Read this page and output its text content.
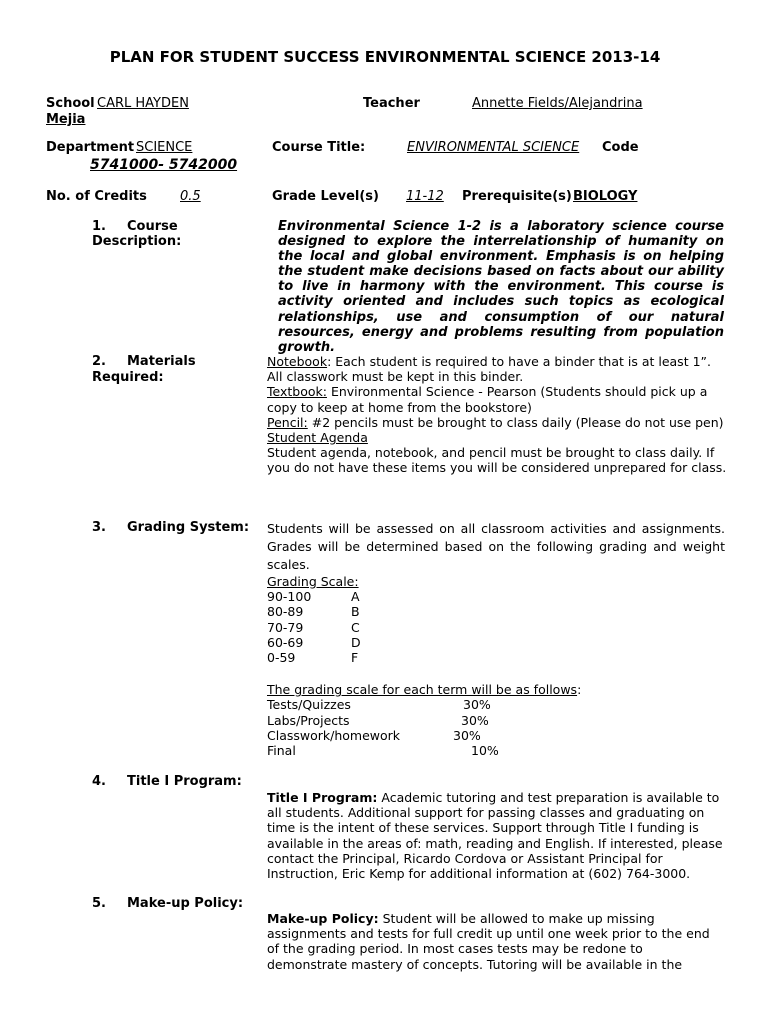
PLAN FOR STUDENT SUCCESS ENVIRONMENTAL SCIENCE 2013-14
School CARL HAYDEN	Teacher	Annette Fields/Alejandrina
Mejia
Department SCIENCE	Course Title:	ENVIRONMENTAL SCIENCE	Code
5741000- 5742000
No. of Credits	0.5	Grade Level(s)	11-12	Prerequisite(s) BIOLOGY
1. Course
Description:
Environmental Science 1-2 is a laboratory science course designed to explore the interrelationship of humanity on the local and global environment. Emphasis is on helping the student make decisions based on facts about our ability to live in harmony with the environment. This course is activity oriented and includes such topics as ecological relationships, use and consumption of our natural resources, energy and problems resulting from population growth.
2. Materials
Required:
Notebook: Each student is required to have a binder that is at least 1”. All classwork must be kept in this binder.
Textbook: Environmental Science - Pearson (Students should pick up a copy to keep at home from the bookstore)
Pencil: #2 pencils must be brought to class daily (Please do not use pen)
Student Agenda
Student agenda, notebook, and pencil must be brought to class daily. If you do not have these items you will be considered unprepared for class.
3. Grading System: Students will be assessed on all classroom activities and assignments. Grades will be determined based on the following grading and weight scales.
Grading Scale:
90-100	A
80-89	B
70-79	C
60-69	D
0-59	F
The grading scale for each term will be as follows:
Tests/Quizzes	30%
Labs/Projects	30%
Classwork/homework	30%
Final	10%
4. Title I Program:
Title I Program: Academic tutoring and test preparation is available to all students. Additional support for passing classes and graduating on time is the intent of these services. Support through Title I funding is available in the areas of: math, reading and English. If interested, please contact the Principal, Ricardo Cordova or Assistant Principal for Instruction, Eric Kemp for additional information at (602) 764-3000.
5. Make-up Policy:
Make-up Policy: Student will be allowed to make up missing assignments and tests for full credit up until one week prior to the end of the grading period. In most cases tests may be redone to demonstrate mastery of concepts. Tutoring will be available in the
